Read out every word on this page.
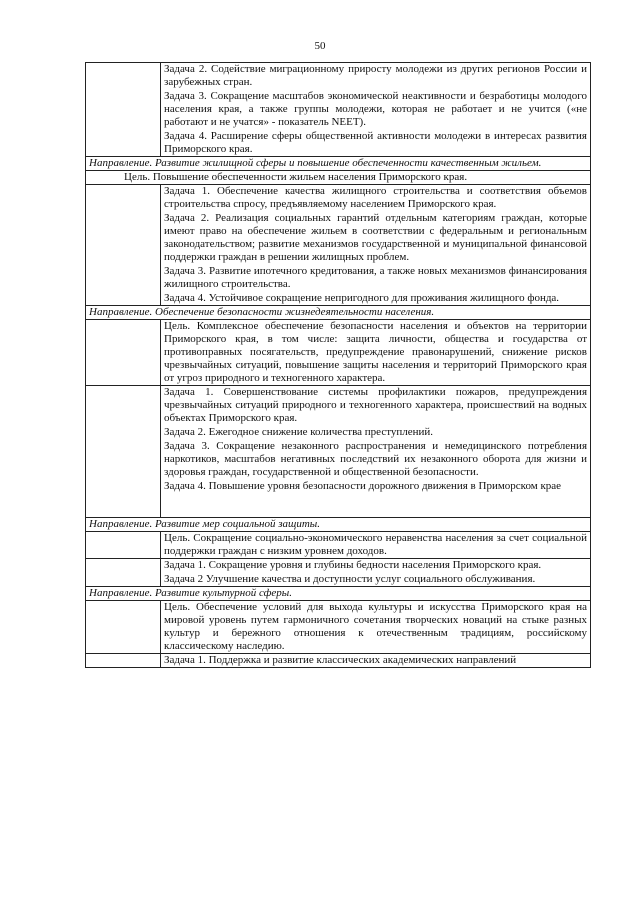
50

	Задача 2. Содействие миграционному приросту молодежи из других регионов России и зарубежных стран.

Задача 3. Сокращение масштабов экономической неактивности и безработицы молодого населения края, а также группы молодежи, которая не работает и не учится («не работают и не учатся» - показатель NEET).

Задача 4. Расширение сферы общественной активности молодежи в интересах развития Приморского края.

Направление. Развитие жилищной сферы и повышение обеспеченности качественным жильем.	
Цель. Повышение обеспеченности жильем населения Приморского края.	

	Задача 1. Обеспечение качества жилищного строительства и соответствия объемов строительства спросу, предъявляемому населением Приморского края.

Задача 2. Реализация социальных гарантий отдельным категориям граждан, которые имеют право на обеспечение жильем в соответствии с федеральным и региональным законодательством; развитие механизмов государственной и муниципальной финансовой поддержки граждан в решении жилищных проблем.

Задача 3. Развитие ипотечного кредитования, а также новых механизмов финансирования жилищного строительства.

Задача 4. Устойчивое сокращение непригодного для проживания жилищного фонда.

Направление. Обеспечение безопасности жизнедеятельности населения.	

	Цель. Комплексное обеспечение безопасности населения и объектов на территории Приморского края, в том числе: защита личности, общества и государства от противоправных посягательств, предупреждение правонарушений, снижение рисков чрезвычайных ситуаций, повышение защиты населения и территорий Приморского края от угроз природного и техногенного характера.

	Задача 1. Совершенствование системы профилактики пожаров, предупреждения чрезвычайных ситуаций природного и техногенного характера, происшествий на водных объектах Приморского края.

Задача 2. Ежегодное снижение количества преступлений.

Задача 3. Сокращение незаконного распространения и немедицинского потребления наркотиков, масштабов негативных последствий их незаконного оборота для жизни и здоровья граждан, государственной и общественной безопасности.

Задача 4. Повышение уровня безопасности дорожного движения в Приморском крае

Направление. Развитие мер социальной защиты.	

	Цель. Сокращение социально-экономического неравенства населения за счет социальной поддержки граждан с низким уровнем доходов.

	Задача 1. Сокращение уровня и глубины бедности населения Приморского края.

Задача 2 Улучшение качества и доступности услуг социального обслуживания.

Направление. Развитие культурной сферы.	

	Цель. Обеспечение условий для выхода культуры и искусства Приморского края на мировой уровень путем гармоничного сочетания творческих новаций на стыке разных культур и бережного отношения к отечественным традициям, российскому классическому наследию.

	Задача 1. Поддержка и развитие классических академических направлений
